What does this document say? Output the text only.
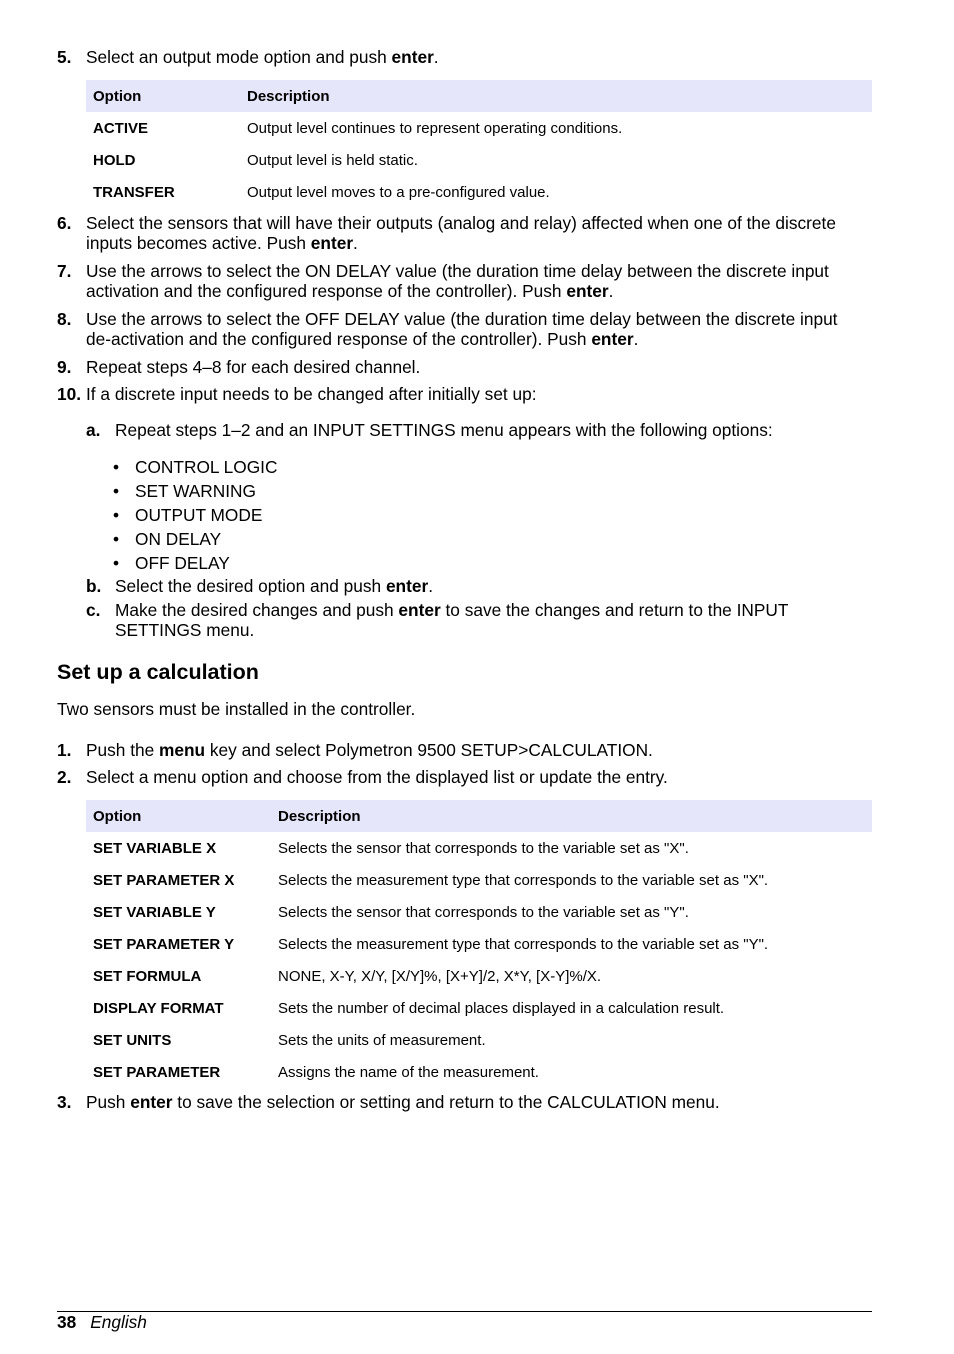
5. Select an output mode option and push enter.
Option	Description
ACTIVE	Output level continues to represent operating conditions.
HOLD	Output level is held static.
TRANSFER	Output level moves to a pre-configured value.
6. Select the sensors that will have their outputs (analog and relay) affected when one of the discrete inputs becomes active. Push enter.
7. Use the arrows to select the ON DELAY value (the duration time delay between the discrete input activation and the configured response of the controller). Push enter.
8. Use the arrows to select the OFF DELAY value (the duration time delay between the discrete input de-activation and the configured response of the controller). Push enter.
9. Repeat steps 4–8 for each desired channel.
10. If a discrete input needs to be changed after initially set up:
a. Repeat steps 1–2 and an INPUT SETTINGS menu appears with the following options:
• CONTROL LOGIC
• SET WARNING
• OUTPUT MODE
• ON DELAY
• OFF DELAY
b. Select the desired option and push enter.
c. Make the desired changes and push enter to save the changes and return to the INPUT SETTINGS menu.
Set up a calculation
Two sensors must be installed in the controller.
1. Push the menu key and select Polymetron 9500 SETUP>CALCULATION.
2. Select a menu option and choose from the displayed list or update the entry.
Option	Description
SET VARIABLE X	Selects the sensor that corresponds to the variable set as "X".
SET PARAMETER X	Selects the measurement type that corresponds to the variable set as "X".
SET VARIABLE Y	Selects the sensor that corresponds to the variable set as "Y".
SET PARAMETER Y	Selects the measurement type that corresponds to the variable set as "Y".
SET FORMULA	NONE, X-Y, X/Y, [X/Y]%, [X+Y]/2, X*Y, [X-Y]%/X.
DISPLAY FORMAT	Sets the number of decimal places displayed in a calculation result.
SET UNITS	Sets the units of measurement.
SET PARAMETER	Assigns the name of the measurement.
3. Push enter to save the selection or setting and return to the CALCULATION menu.
38 English
